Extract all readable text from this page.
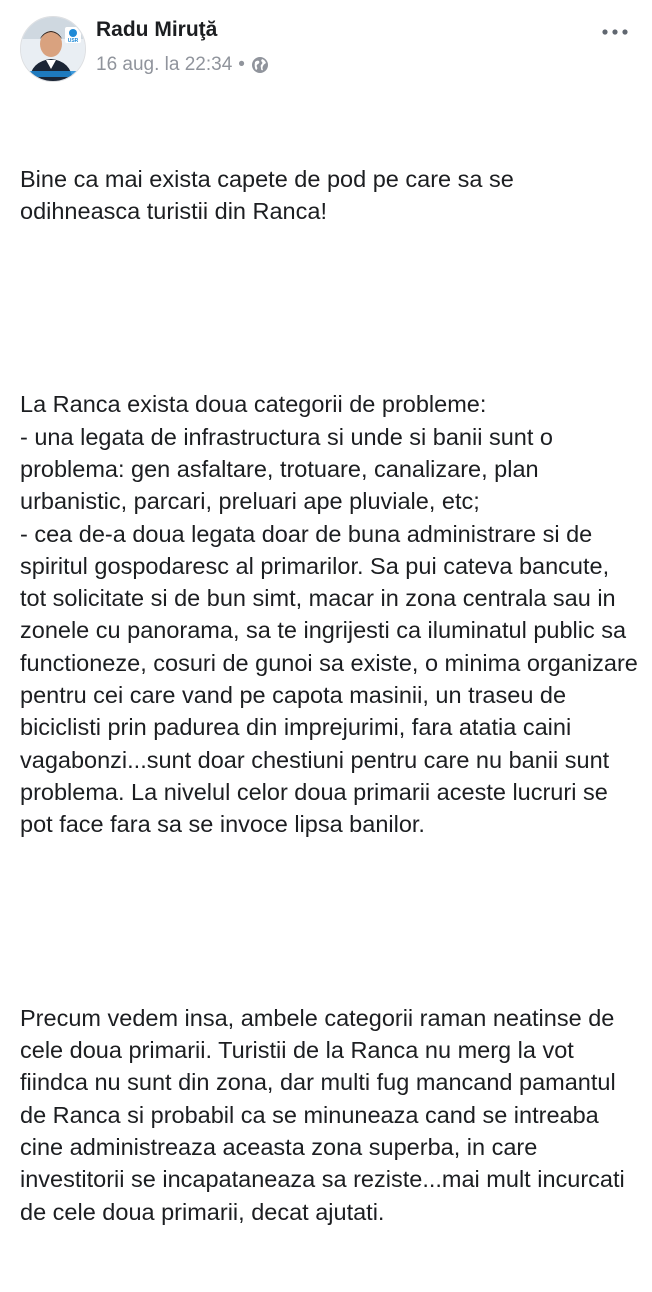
USR Radu Miruţă
16 aug. la 22:34 •

Bine ca mai exista capete de pod pe care sa se odihneasca turistii din Ranca!

La Ranca exista doua categorii de probleme:
- una legata de infrastructura si unde si banii sunt o problema: gen asfaltare, trotuare, canalizare, plan urbanistic, parcari, preluari ape pluviale, etc;
- cea de-a doua legata doar de buna administrare si de spiritul gospodaresc al primarilor. Sa pui cateva bancute, tot solicitate si de bun simt, macar in zona centrala sau in zonele cu panorama, sa te ingrijesti ca iluminatul public sa functioneze, cosuri de gunoi sa existe, o minima organizare pentru cei care vand pe capota masinii, un traseu de biciclisti prin padurea din imprejurimi, fara atatia caini vagabonzi...sunt doar chestiuni pentru care nu banii sunt problema. La nivelul celor doua primarii aceste lucruri se pot face fara sa se invoce lipsa banilor.

Precum vedem insa, ambele categorii raman neatinse de cele doua primarii. Turistii de la Ranca nu merg la vot fiindca nu sunt din zona, dar multi fug mancand pamantul de Ranca si probabil ca se minuneaza cand se intreaba cine administreaza aceasta zona superba, in care investitorii se incapataneaza sa reziste...mai mult incurcati de cele doua primarii, decat ajutati.
